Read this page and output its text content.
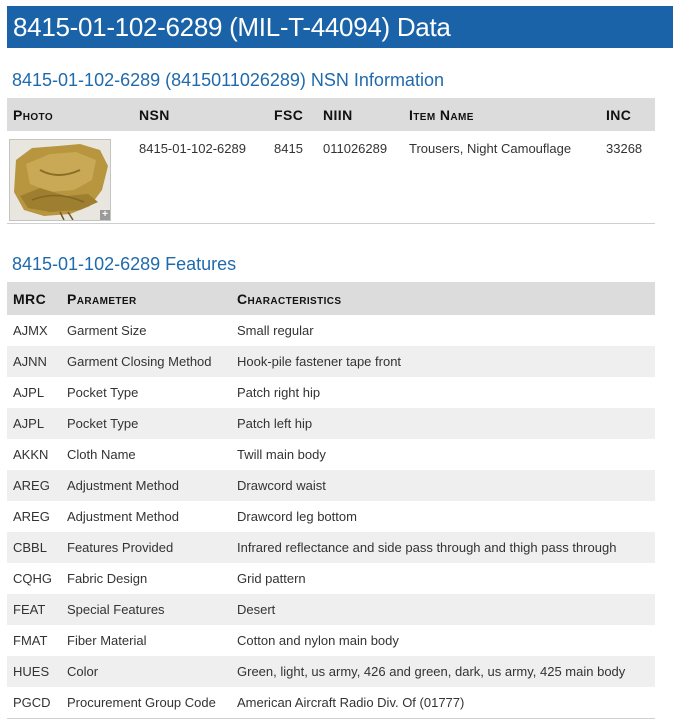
8415-01-102-6289 (MIL-T-44094) Data
8415-01-102-6289 (8415011026289) NSN Information
Photo	NSN	FSC	NIIN	Item Name	INC

+	8415-01-102-6289	8415	011026289	Trousers, Night Camouflage	33268
8415-01-102-6289 Features
MRC	Parameter	Characteristics
AJMX	Garment Size	Small regular
AJNN	Garment Closing Method	Hook-pile fastener tape front
AJPL	Pocket Type	Patch right hip
AJPL	Pocket Type	Patch left hip
AKKN	Cloth Name	Twill main body
AREG	Adjustment Method	Drawcord waist
AREG	Adjustment Method	Drawcord leg bottom
CBBL	Features Provided	Infrared reflectance and side pass through and thigh pass through
CQHG	Fabric Design	Grid pattern
FEAT	Special Features	Desert
FMAT	Fiber Material	Cotton and nylon main body
HUES	Color	Green, light, us army, 426 and green, dark, us army, 425 main body
PGCD	Procurement Group Code	American Aircraft Radio Div. Of (01777)
